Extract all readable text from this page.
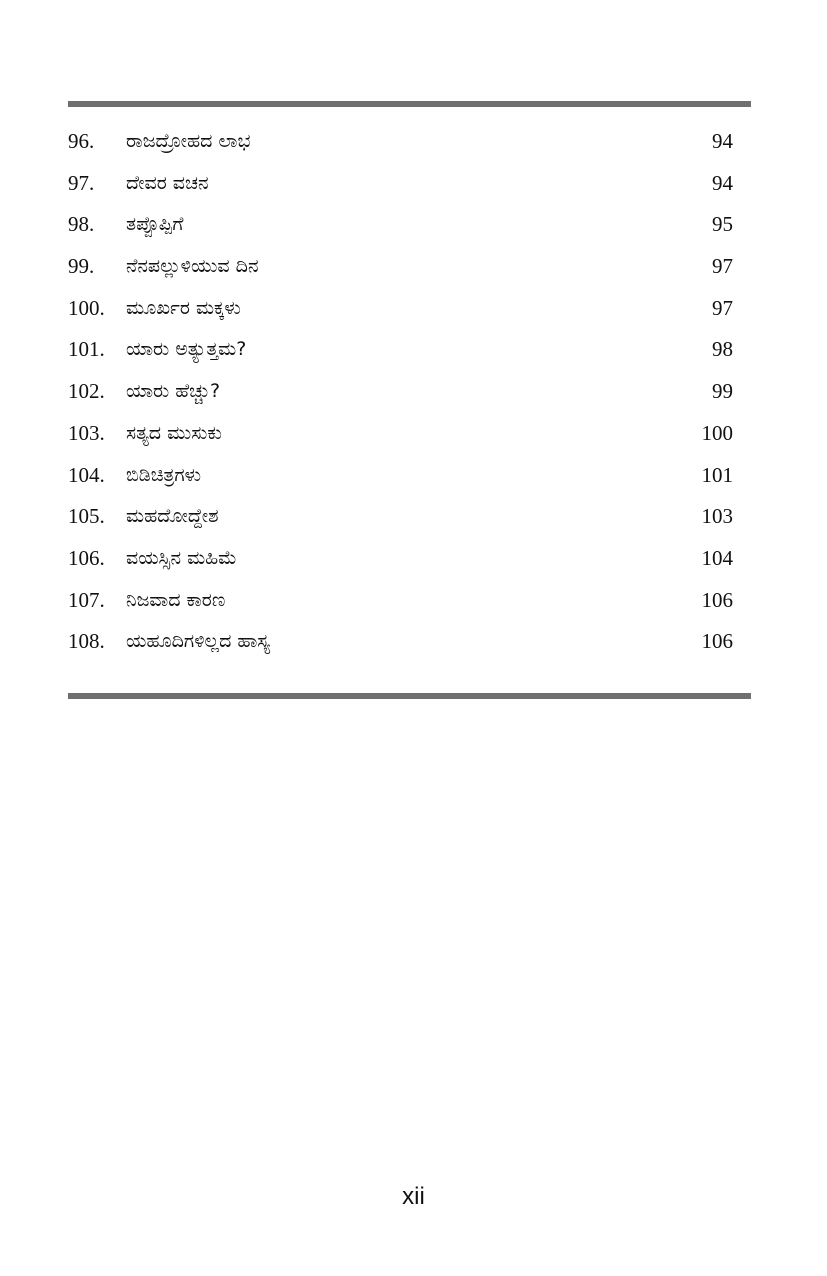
96. ರಾಜದ್ರೋಹದ ಲಾಭ	94
97. ದೇವರ ವಚನ	94
98. ತಪ್ಪೊಪ್ಪಿಗೆ	95
99. ನೆನಪಲ್ಲುಳಿಯುವ ದಿನ	97
100. ಮೂರ್ಖರ ಮಕ್ಕಳು	97
101. ಯಾರು ಅತ್ಯುತ್ತಮ?	98
102. ಯಾರು ಹೆಚ್ಚು?	99
103. ಸತ್ಯದ ಮುಸುಕು	100
104. ಬಿಡಿಚಿತ್ರಗಳು	101
105. ಮಹದೋದ್ದೇಶ	103
106. ವಯಸ್ಸಿನ ಮಹಿಮೆ	104
107. ನಿಜವಾದ ಕಾರಣ	106
108. ಯಹೂದಿಗಳಿಲ್ಲದ ಹಾಸ್ಯ	106
xii
